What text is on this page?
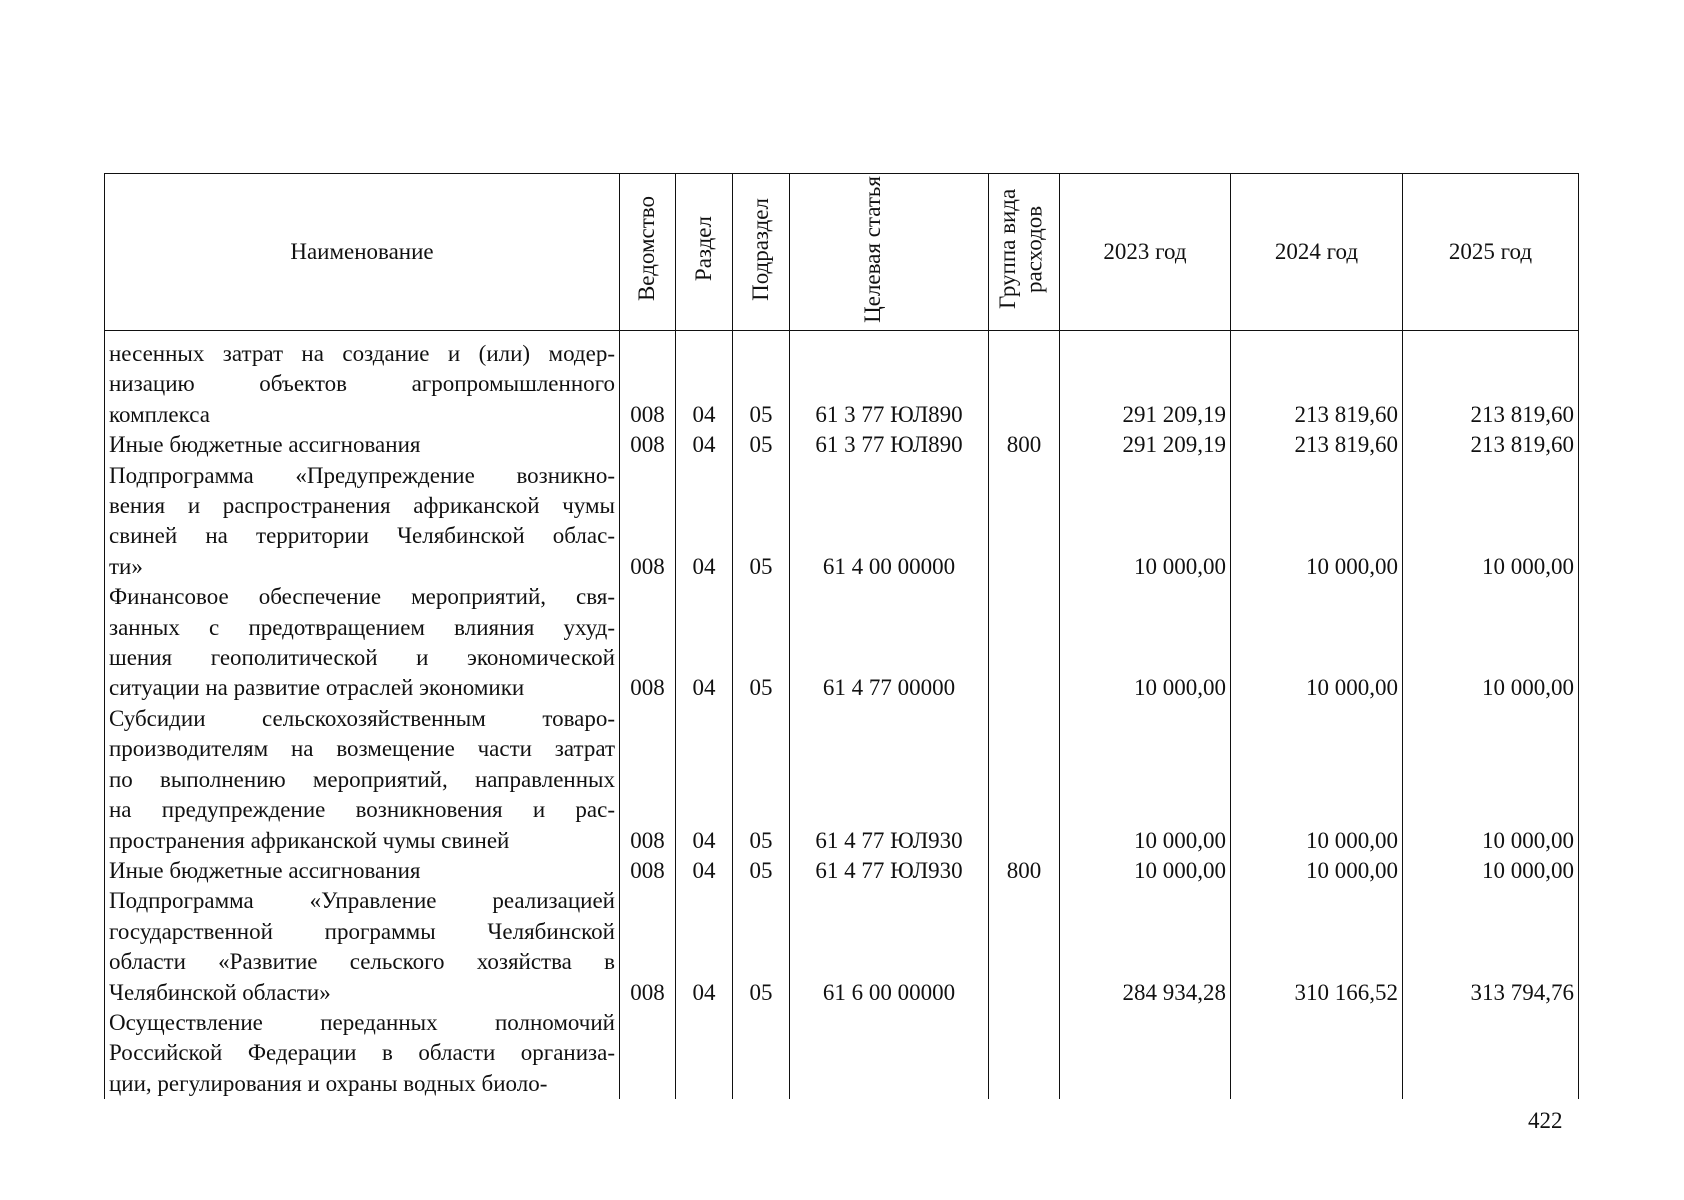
Наименование	Ведомство	Раздел	Подраздел	Целевая статья	Группа вида расходов	2023 год	2024 год	2025 год

несенных затрат на создание и (или) модер-
низацию объектов агропромышленного
комплекса	008	04	05	61 3 77 ЮЛ890		291 209,19	213 819,60	213 819,60

Иные бюджетные ассигнования	008	04	05	61 3 77 ЮЛ890	800	291 209,19	213 819,60	213 819,60

Подпрограмма «Предупреждение возникно-
вения и распространения африканской чумы
свиней на территории Челябинской облас-
ти»	008	04	05	61 4 00 00000		10 000,00	10 000,00	10 000,00

Финансовое обеспечение мероприятий, свя-
занных с предотвращением влияния ухуд-
шения геополитической и экономической
ситуации на развитие отраслей экономики	008	04	05	61 4 77 00000		10 000,00	10 000,00	10 000,00

Субсидии сельскохозяйственным товаро-
производителям на возмещение части затрат
по выполнению мероприятий, направленных
на предупреждение возникновения и рас-
пространения африканской чумы свиней	008	04	05	61 4 77 ЮЛ930		10 000,00	10 000,00	10 000,00

Иные бюджетные ассигнования	008	04	05	61 4 77 ЮЛ930	800	10 000,00	10 000,00	10 000,00

Подпрограмма «Управление реализацией
государственной программы Челябинской
области «Развитие сельского хозяйства в
Челябинской области»	008	04	05	61 6 00 00000		284 934,28	310 166,52	313 794,76

Осуществление переданных полномочий
Российской Федерации в области организа-
ции, регулирования и охраны водных биоло-								

422
